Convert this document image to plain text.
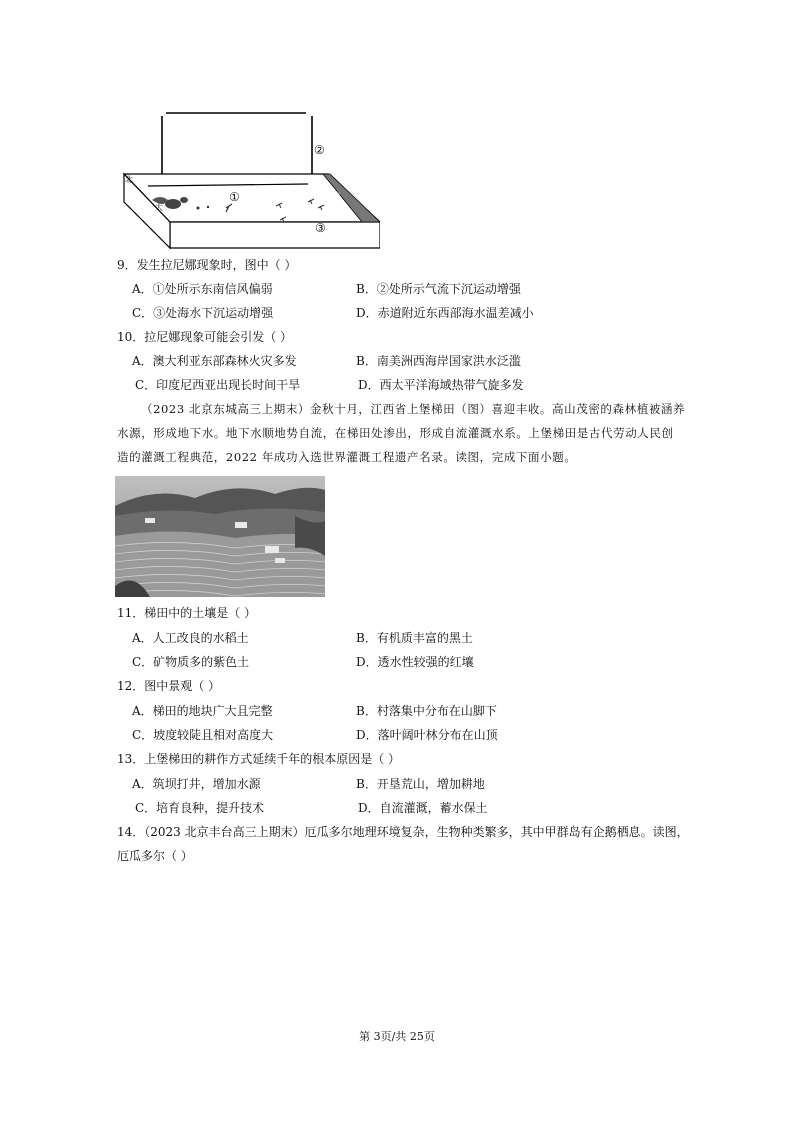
①
②
③
北
大
南美洲
9．发生拉尼娜现象时，图中（ ）
A．①处所示东南信风偏弱	B．②处所示气流下沉运动增强
C．③处海水下沉运动增强	D．赤道附近东西部海水温差减小
10．拉尼娜现象可能会引发（ ）
A．澳大利亚东部森林火灾多发	B．南美洲西海岸国家洪水泛滥
C．印度尼西亚出现长时间干旱	D．西太平洋海域热带气旋多发
（2023 北京东城高三上期末）金秋十月，江西省上堡梯田（图）喜迎丰收。高山茂密的森林植被涵养
水源，形成地下水。地下水顺地势自流，在梯田处渗出，形成自流灌溉水系。上堡梯田是古代劳动人民创
造的灌溉工程典范，2022 年成功入选世界灌溉工程遗产名录。读图，完成下面小题。
11．梯田中的土壤是（ ）
A．人工改良的水稻土	B．有机质丰富的黑土
C．矿物质多的紫色土	D．透水性较强的红壤
12．图中景观（ ）
A．梯田的地块广大且完整	B．村落集中分布在山脚下
C．坡度较陡且相对高度大	D．落叶阔叶林分布在山顶
13．上堡梯田的耕作方式延续千年的根本原因是（ ）
A．筑坝打井，增加水源	B．开垦荒山，增加耕地
C．培育良种，提升技术	D．自流灌溉，蓄水保土
14．（2023 北京丰台高三上期末）厄瓜多尔地理环境复杂，生物种类繁多，其中甲群岛有企鹅栖息。读图，
厄瓜多尔（ ）
第 3页/共 25页
